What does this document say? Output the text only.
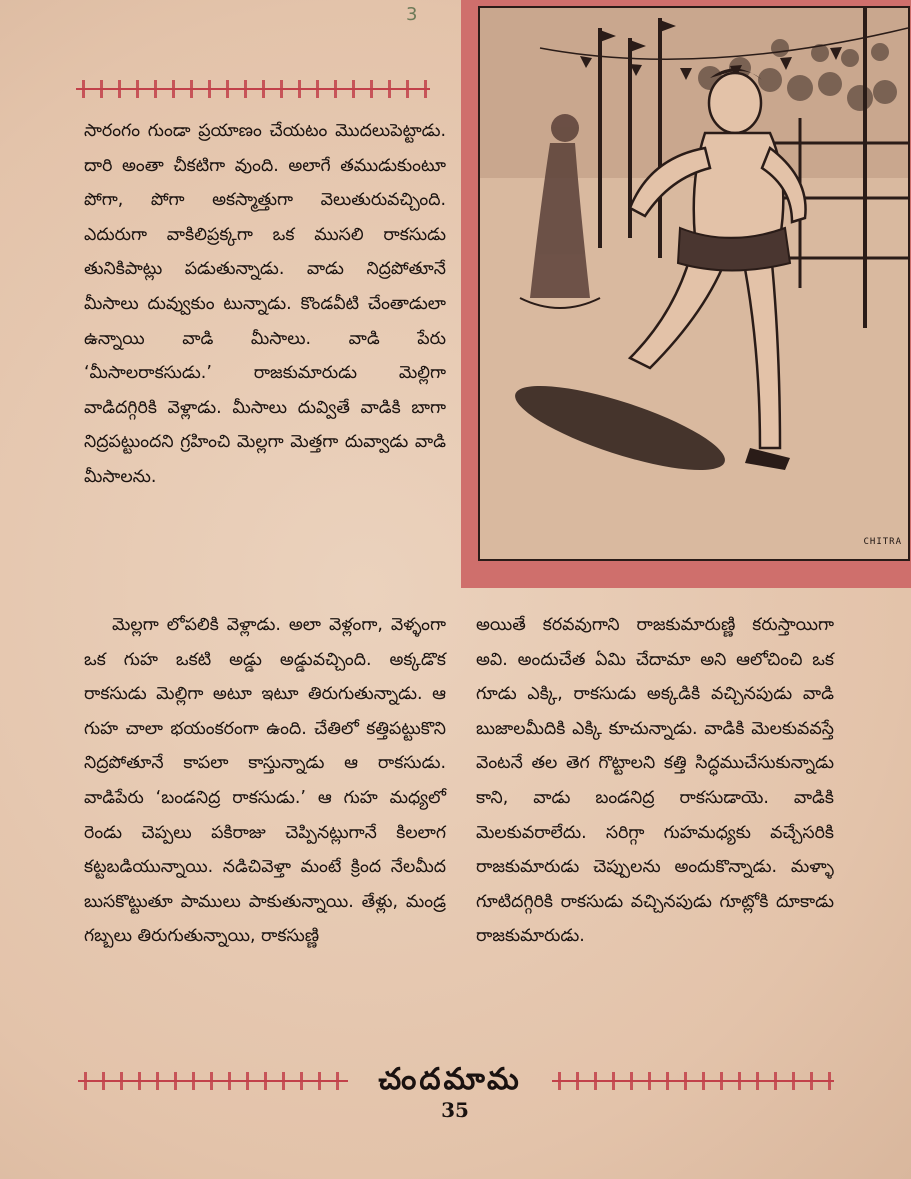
3
CHITRA

సారంగం గుండా ప్రయాణం చేయటం మొదలుపెట్టాడు. దారి అంతా చీకటిగా వుంది. అలాగే తముడుకుంటూ పోగా, పోగా అకస్మాత్తుగా వెలుతురువచ్చింది. ఎదురుగా వాకిలిప్రక్కగా ఒక ముసలి రాకసుడు తునికిపాట్లు పడుతున్నాడు. వాడు నిద్రపోతూనే మీసాలు దువ్వుకుం టున్నాడు. కొండవీటి చేంతాడులా ఉన్నాయి వాడి మీసాలు. వాడి పేరు ‘మీసాలరాకసుడు.’ రాజకుమారుడు మెల్లిగా వాడిదగ్గిరికి వెళ్లాడు. మీసాలు దువ్వితే వాడికి బాగా నిద్రపట్టుందని గ్రహించి మెల్లగా మెత్తగా దువ్వాడు వాడి మీసాలను.

మెల్లగా లోపలికి వెళ్లాడు. అలా వెళ్లంగా, వెళ్ళంగా ఒక గుహ ఒకటి అడ్డు అడ్డువచ్చింది. అక్కడొక రాకసుడు మెల్లిగా అటూ ఇటూ తిరుగుతున్నాడు. ఆ గుహ చాలా భయంకరంగా ఉంది. చేతిలో కత్తిపట్టుకొని నిద్రపోతూనే కాపలా కాస్తున్నాడు ఆ రాకసుడు. వాడిపేరు ‘బండనిద్ర రాకసుడు.’ ఆ గుహ మధ్యలో రెండు చెప్పలు పకిరాజు చెప్పినట్లుగానే కిలలాగ కట్టబడియున్నాయి. నడిచివెళ్తా మంటే క్రింద నేలమీద బుసకొట్టుతూ పాములు పాకుతున్నాయి. తేళ్లు, మండ్ర గబ్బలు తిరుగుతున్నాయి, రాకసుణ్ణి

అయితే కరవవుగాని రాజకుమారుణ్ణి కరుస్తాయిగా అవి. అందుచేత ఏమి చేదామా అని ఆలోచించి ఒక గూడు ఎక్కి, రాకసుడు అక్కడికి వచ్చినపుడు వాడి బుజాలమీదికి ఎక్కి కూచున్నాడు. వాడికి మెలకువవస్తే వెంటనే తల తెగ గొట్టాలని కత్తి సిద్ధముచేసుకున్నాడు కాని, వాడు బండనిద్ర రాకసుడాయె. వాడికి మెలకువరాలేదు. సరిగ్గా గుహమధ్యకు వచ్చేసరికి రాజకుమారుడు చెప్పులను అందుకొన్నాడు. మళ్ళా గూటిదగ్గిరికి రాకసుడు వచ్చినపుడు గూట్లోకి దూకాడు రాజకుమారుడు.

చందమామ
35
